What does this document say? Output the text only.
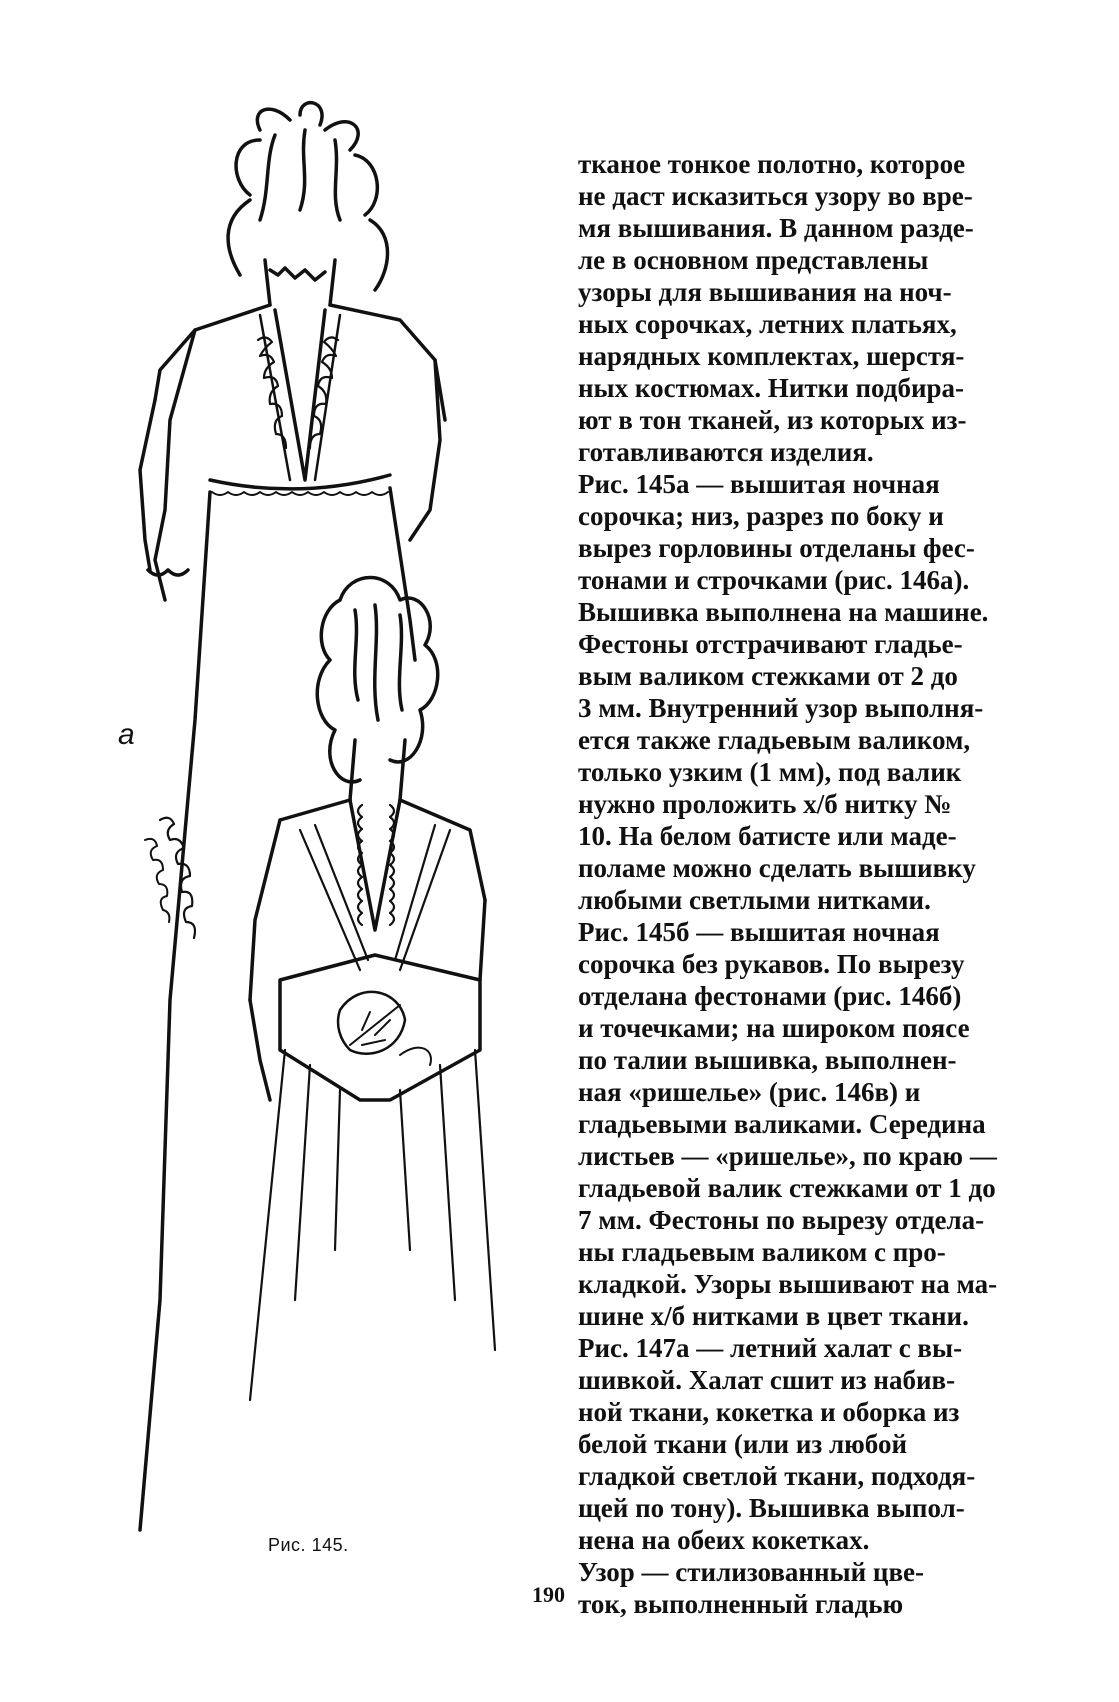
а
Рис. 145.

тканое тонкое полотно, которое
не даст исказиться узору во вре-
мя вышивания. В данном разде-
ле в основном представлены
узоры для вышивания на ноч-
ных сорочках, летних платьях,
нарядных комплектах, шерстя-
ных костюмах. Нитки подбира-
ют в тон тканей, из которых из-
готавливаются изделия.

Рис. 145а — вышитая ночная
сорочка; низ, разрез по боку и
вырез горловины отделаны фес-
тонами и строчками (рис. 146а).
Вышивка выполнена на машине.
Фестоны отстрачивают гладье-
вым валиком стежками от 2 до
3 мм. Внутренний узор выполня-
ется также гладьевым валиком,
только узким (1 мм), под валик
нужно проложить х/б нитку №
10. На белом батисте или маде-
поламе можно сделать вышивку
любыми светлыми нитками.

Рис. 145б — вышитая ночная
сорочка без рукавов. По вырезу
отделана фестонами (рис. 146б)
и точечками; на широком поясе
по талии вышивка, выполнен-
ная «ришелье» (рис. 146в) и
гладьевыми валиками. Середина
листьев — «ришелье», по краю —
гладьевой валик стежками от 1 до
7 мм. Фестоны по вырезу отдела-
ны гладьевым валиком с про-
кладкой. Узоры вышивают на ма-
шине х/б нитками в цвет ткани.
Рис. 147а — летний халат с вы-
шивкой. Халат сшит из набив-
ной ткани, кокетка и оборка из
белой ткани (или из любой
гладкой светлой ткани, подходя-
щей по тону). Вышивка выпол-
нена на обеих кокетках.

Узор — стилизованный цве-
ток, выполненный гладью

190
